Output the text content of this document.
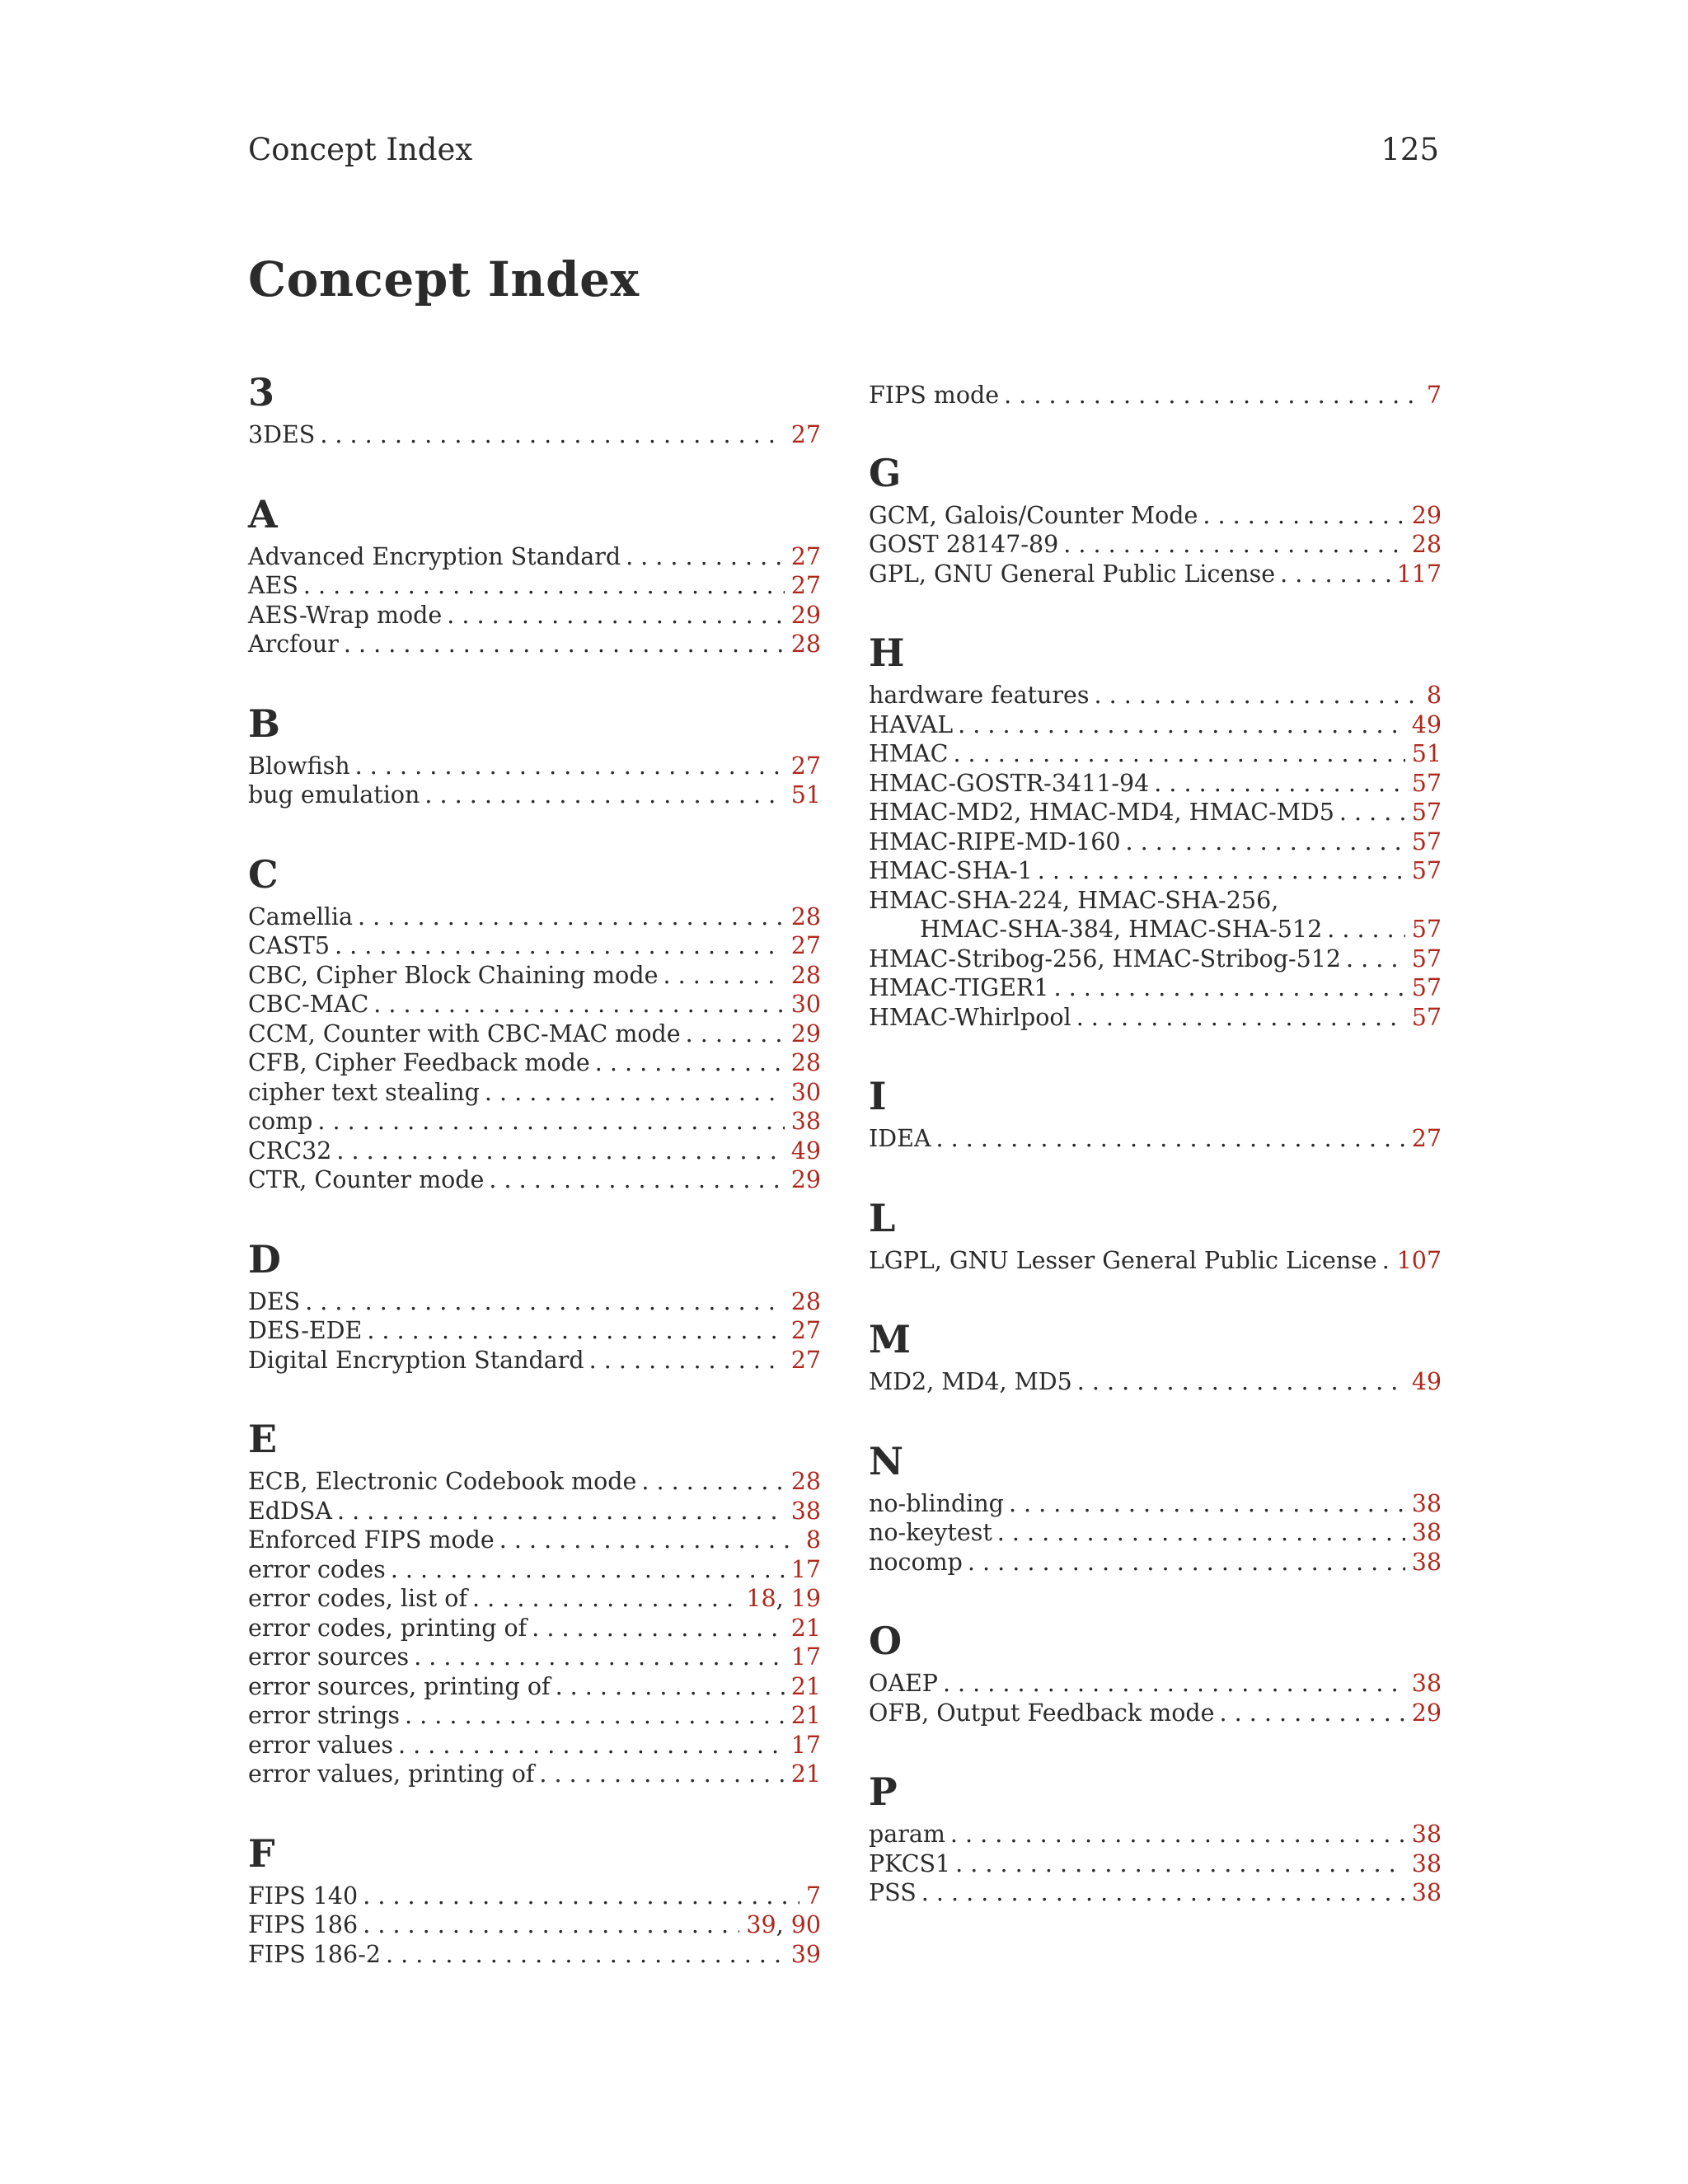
Concept Index	125
Concept Index
3
3DES . . .	27
A
Advanced Encryption Standard . . .	27
AES . . .	27
AES-Wrap mode . . .	29
Arcfour . . .	28
B
Blowfish . . .	27
bug emulation . . .	51
C
Camellia . . .	28
CAST5 . . .	27
CBC, Cipher Block Chaining mode . . .	28
CBC-MAC . . .	30
CCM, Counter with CBC-MAC mode . . .	29
CFB, Cipher Feedback mode . . .	28
cipher text stealing . . .	30
comp . . .	38
CRC32 . . .	49
CTR, Counter mode . . .	29
D
DES . . .	28
DES-EDE . . .	27
Digital Encryption Standard . . .	27
E
ECB, Electronic Codebook mode . . .	28
EdDSA . . .	38
Enforced FIPS mode . . .	8
error codes . . .	17
error codes, list of . . .	18, 19
error codes, printing of . . .	21
error sources . . .	17
error sources, printing of . . .	21
error strings . . .	21
error values . . .	17
error values, printing of . . .	21
F
FIPS 140 . . .	7
FIPS 186 . . .	39, 90
FIPS 186-2 . . .	39
FIPS mode . . .	7
G
GCM, Galois/Counter Mode . . .	29
GOST 28147-89 . . .	28
GPL, GNU General Public License . . .	117
H
hardware features . . .	8
HAVAL . . .	49
HMAC . . .	51
HMAC-GOSTR-3411-94 . . .	57
HMAC-MD2, HMAC-MD4, HMAC-MD5 . . .	57
HMAC-RIPE-MD-160 . . .	57
HMAC-SHA-1 . . .	57
HMAC-SHA-224, HMAC-SHA-256,
HMAC-SHA-384, HMAC-SHA-512 . . .	57
HMAC-Stribog-256, HMAC-Stribog-512 . . .	57
HMAC-TIGER1 . . .	57
HMAC-Whirlpool . . .	57
I
IDEA . . .	27
L
LGPL, GNU Lesser General Public License . . . 107
M
MD2, MD4, MD5 . . .	49
N
no-blinding . . .	38
no-keytest . . .	38
nocomp . . .	38
O
OAEP . . .	38
OFB, Output Feedback mode . . .	29
P
param . . .	38
PKCS1 . . .	38
PSS . . .	38
